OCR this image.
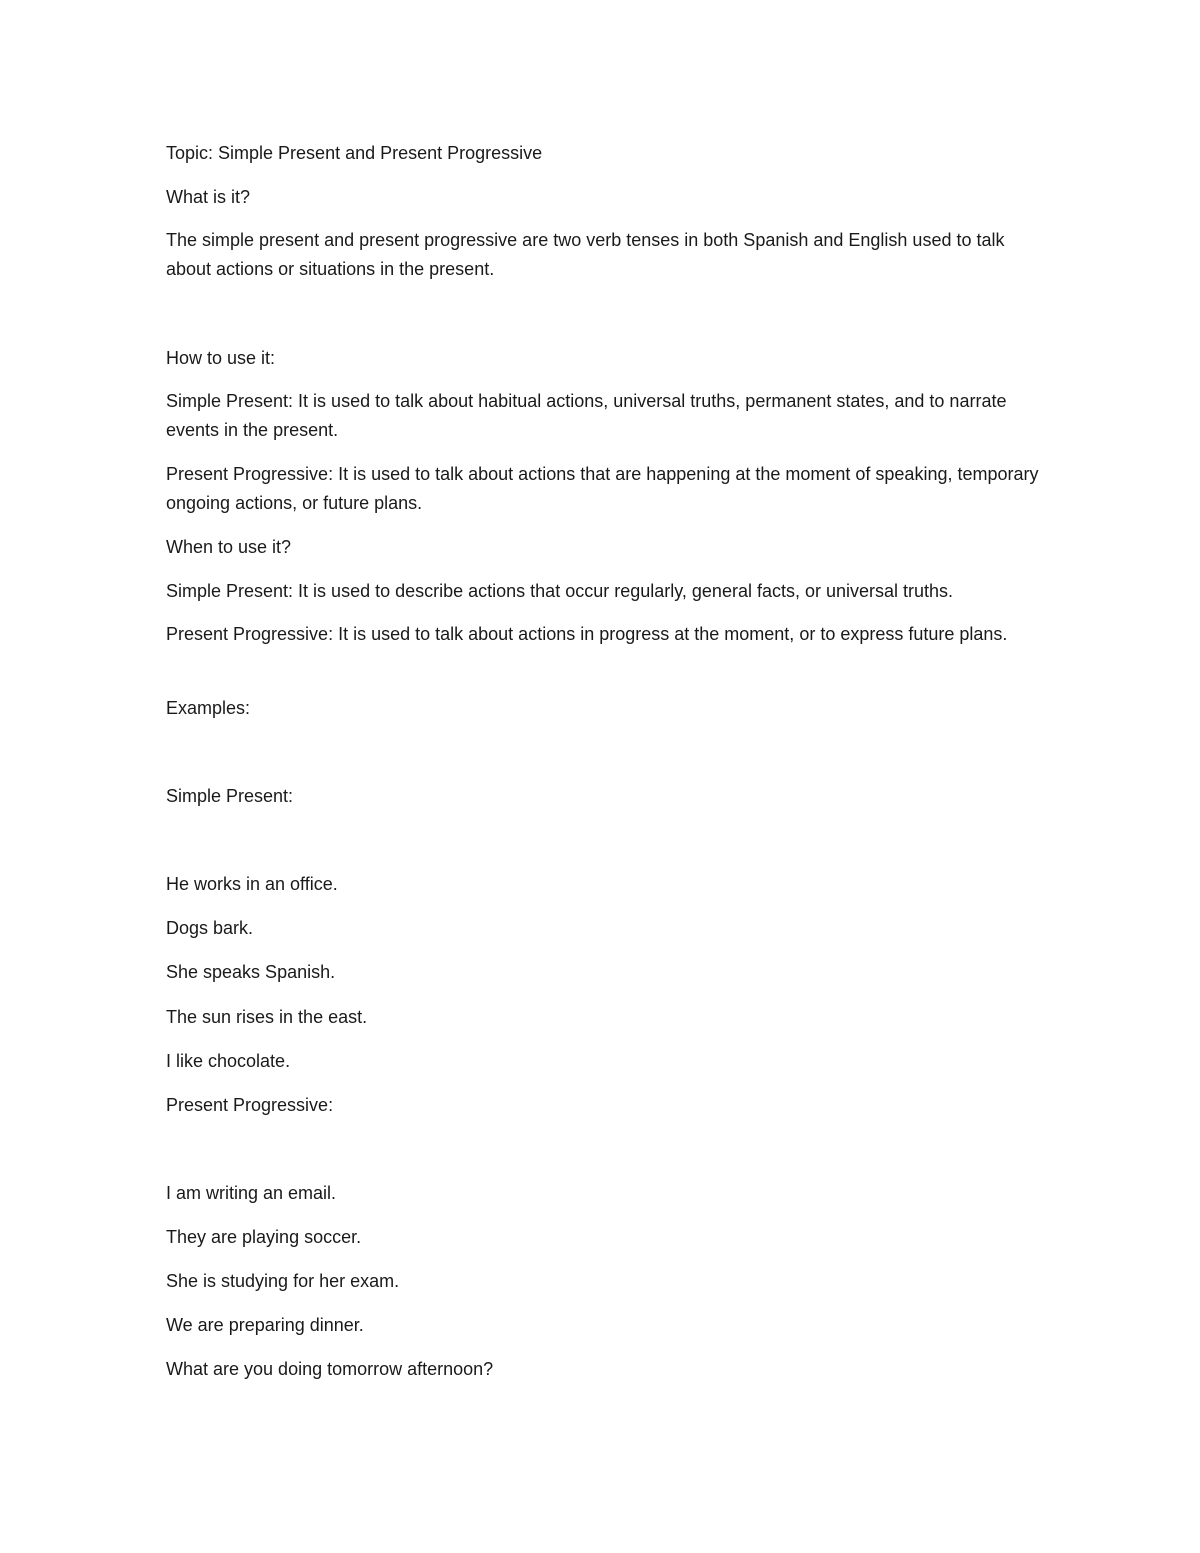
Topic: Simple Present and Present Progressive

What is it?

The simple present and present progressive are two verb tenses in both Spanish and English used to talk about actions or situations in the present.

How to use it:

Simple Present: It is used to talk about habitual actions, universal truths, permanent states, and to narrate events in the present.

Present Progressive: It is used to talk about actions that are happening at the moment of speaking, temporary ongoing actions, or future plans.

When to use it?

Simple Present: It is used to describe actions that occur regularly, general facts, or universal truths.

Present Progressive: It is used to talk about actions in progress at the moment, or to express future plans.

Examples:

Simple Present:

He works in an office.

Dogs bark.

She speaks Spanish.

The sun rises in the east.

I like chocolate.

Present Progressive:

I am writing an email.

They are playing soccer.

She is studying for her exam.

We are preparing dinner.

What are you doing tomorrow afternoon?
